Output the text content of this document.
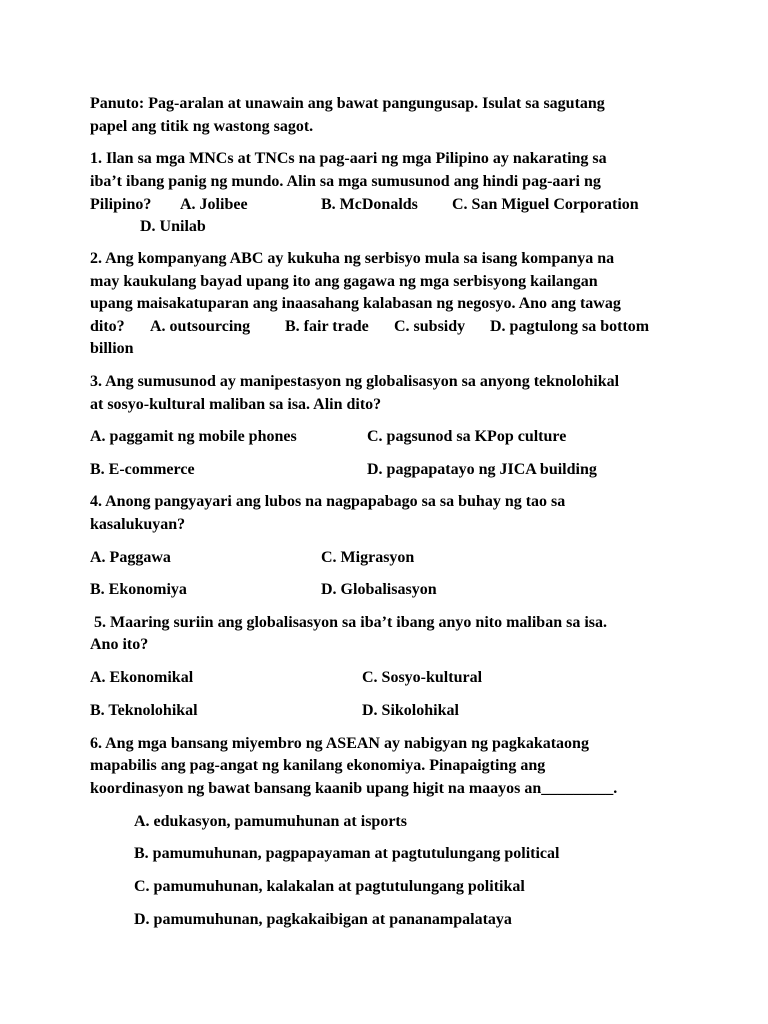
Panuto: Pag-aralan at unawain ang bawat pangungusap. Isulat sa sagutang

papel ang titik ng wastong sagot.

1. Ilan sa mga MNCs at TNCs na pag-aari ng mga Pilipino ay nakarating sa

iba’t ibang panig ng mundo. Alin sa mga sumusunod ang hindi pag-aari ng

Pilipino? A. Jolibee	B. McDonalds C. San Miguel Corporation

D. Unilab

2. Ang kompanyang ABC ay kukuha ng serbisyo mula sa isang kompanya na

may kaukulang bayad upang ito ang gagawa ng mga serbisyong kailangan

upang maisakatuparan ang inaasahang kalabasan ng negosyo. Ano ang tawag

dito? A. outsourcing B. fair trade C. subsidy D. pagtulong sa bottom

billion

3. Ang sumusunod ay manipestasyon ng globalisasyon sa anyong teknolohikal

at sosyo-kultural maliban sa isa. Alin dito?

A. paggamit ng mobile phones	C. pagsunod sa KPop culture

B. E-commerce	D. pagpapatayo ng JICA building

4. Anong pangyayari ang lubos na nagpapabago sa sa buhay ng tao sa

kasalukuyan?

A. Paggawa	C. Migrasyon

B. Ekonomiya	D. Globalisasyon

5. Maaring suriin ang globalisasyon sa iba’t ibang anyo nito maliban sa isa.

Ano ito?

A. Ekonomikal	C. Sosyo-kultural

B. Teknolohikal	D. Sikolohikal

6. Ang mga bansang miyembro ng ASEAN ay nabigyan ng pagkakataong

mapabilis ang pag-angat ng kanilang ekonomiya. Pinapaigting ang

koordinasyon ng bawat bansang kaanib upang higit na maayos an_________.

A. edukasyon, pamumuhunan at isports

B. pamumuhunan, pagpapayaman at pagtutulungang political

C. pamumuhunan, kalakalan at pagtutulungang politikal

D. pamumuhunan, pagkakaibigan at pananampalataya
